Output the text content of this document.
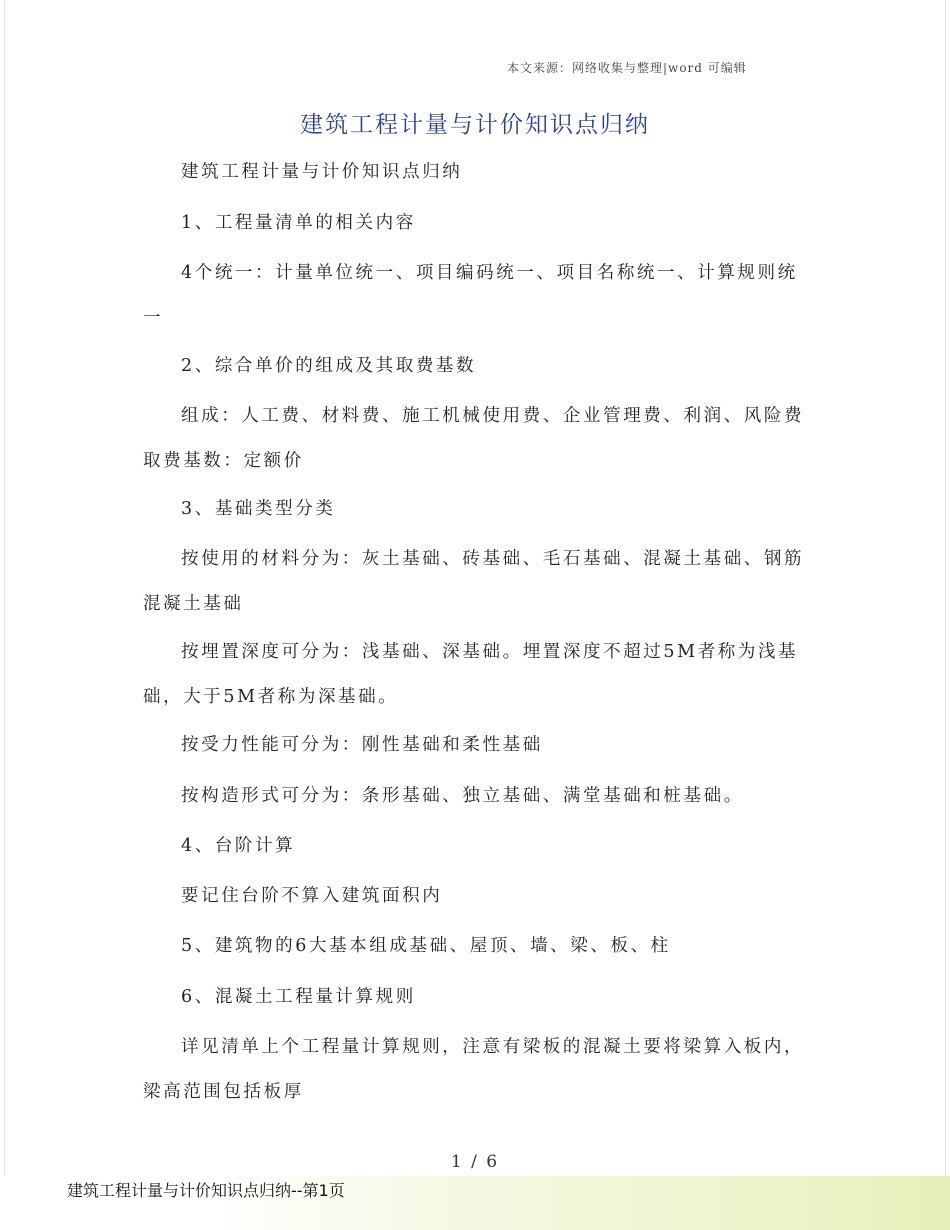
本文来源：网络收集与整理|word 可编辑
建筑工程计量与计价知识点归纳

建筑工程计量与计价知识点归纳

1、工程量清单的相关内容

4个统一：计量单位统一、项目编码统一、项目名称统一、计算规则统一

2、综合单价的组成及其取费基数

组成：人工费、材料费、施工机械使用费、企业管理费、利润、风险费取费基数：定额价

3、基础类型分类

按使用的材料分为：灰土基础、砖基础、毛石基础、混凝土基础、钢筋混凝土基础

按埋置深度可分为：浅基础、深基础。埋置深度不超过5M者称为浅基础，大于5M者称为深基础。

按受力性能可分为：刚性基础和柔性基础

按构造形式可分为：条形基础、独立基础、满堂基础和桩基础。

4、台阶计算

要记住台阶不算入建筑面积内

5、建筑物的6大基本组成基础、屋顶、墙、梁、板、柱

6、混凝土工程量计算规则

详见清单上个工程量计算规则，注意有梁板的混凝土要将梁算入板内，梁高范围包括板厚

1 / 6
建筑工程计量与计价知识点归纳--第1页
